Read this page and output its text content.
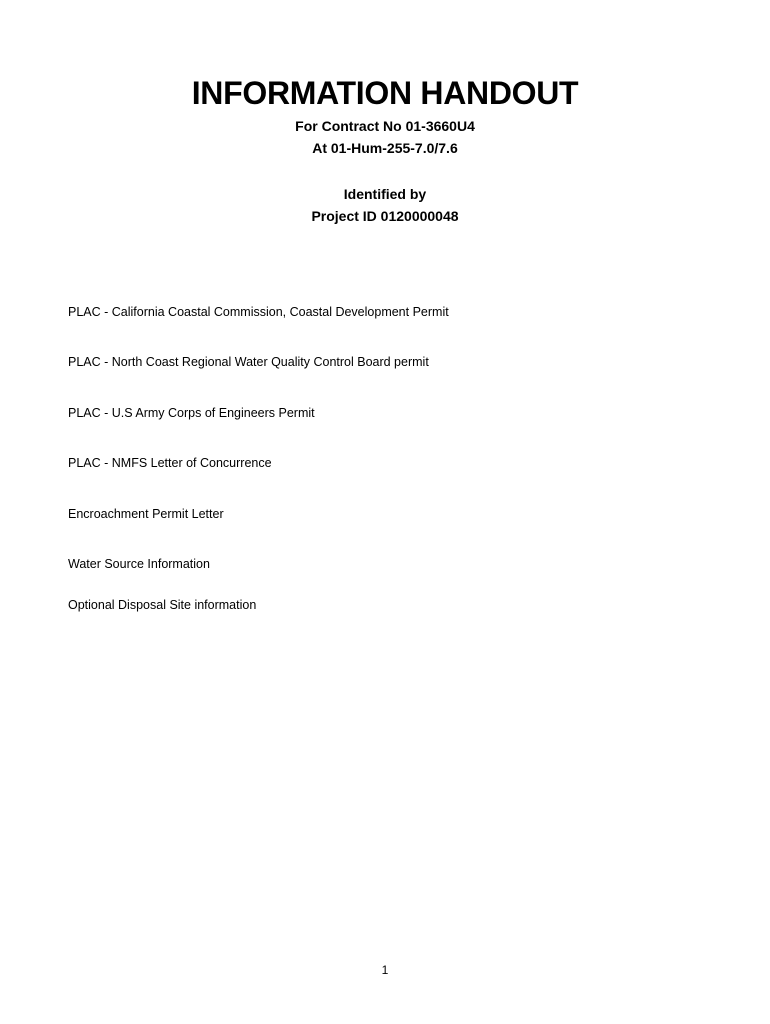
INFORMATION HANDOUT
For Contract No 01-3660U4
At 01-Hum-255-7.0/7.6
Identified by
Project ID 0120000048
PLAC - California Coastal Commission, Coastal Development Permit
PLAC - North Coast Regional Water Quality Control Board permit
PLAC - U.S Army Corps of Engineers Permit
PLAC - NMFS Letter of Concurrence
Encroachment Permit Letter
Water Source Information
Optional Disposal Site information
1
